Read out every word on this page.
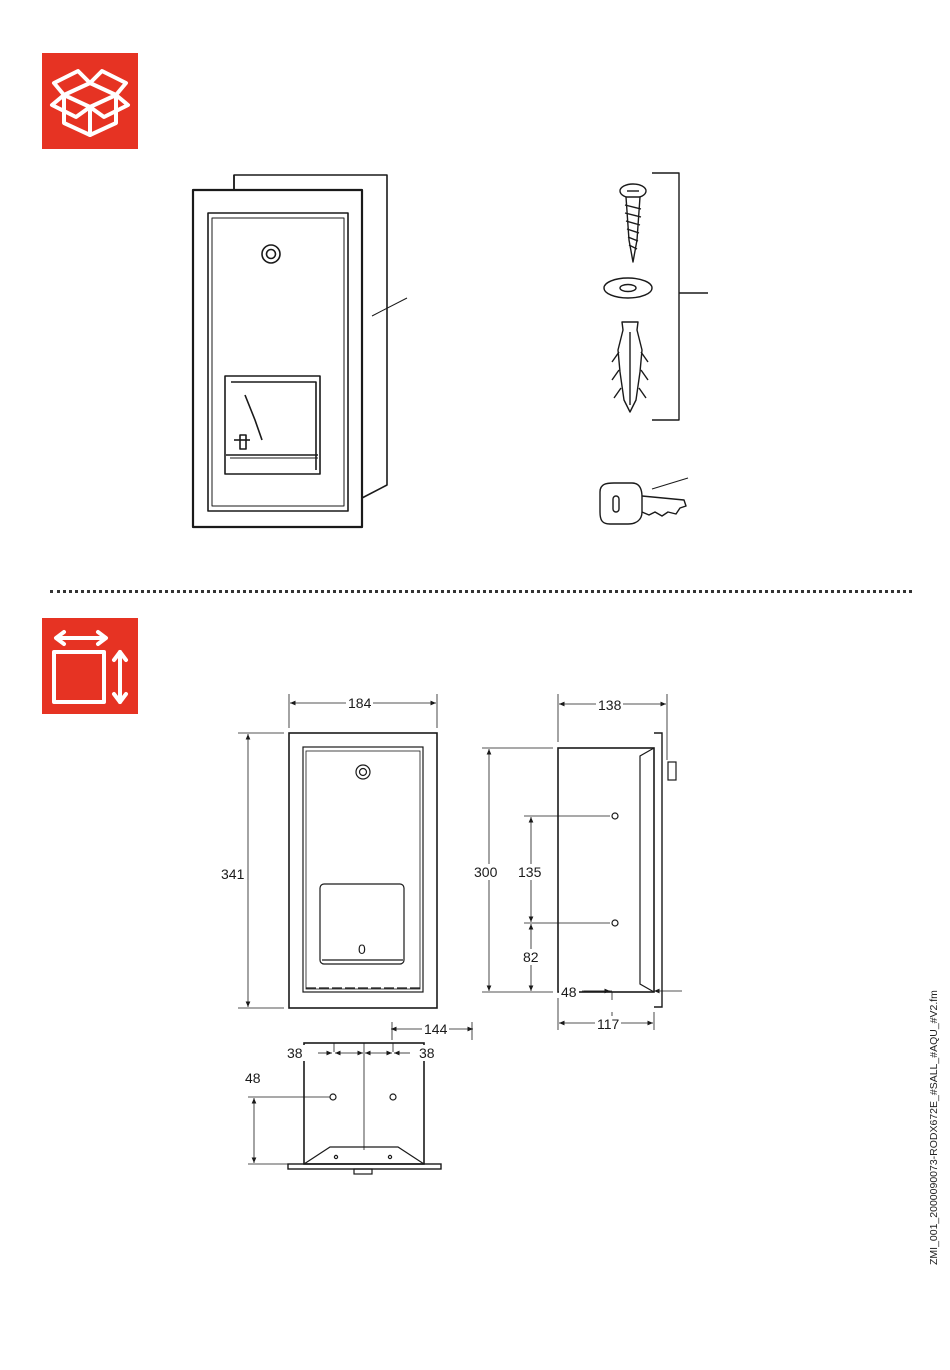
184
341
0
138
300 135
82
48
117
144
38	38
48	ZMI_001_2000090073-RODX672E_#SALL_#AQU_#V2.fm
